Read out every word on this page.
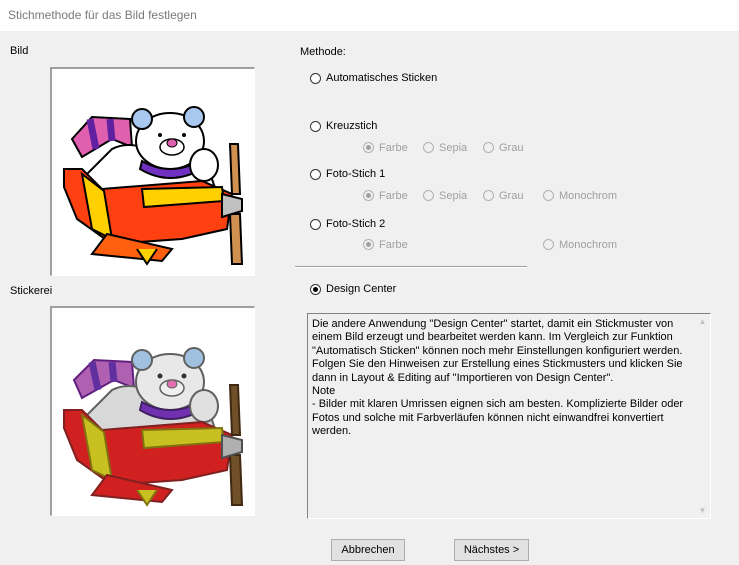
Stichmethode für das Bild festlegen
Bild
Stickerei
Methode:
Automatisches Sticken
Kreuzstich
Farbe	Sepia	Grau
Foto-Stich 1
Farbe	Sepia	Grau	Monochrom
Foto-Stich 2
Farbe	Monochrom
Design Center
Die andere Anwendung "Design Center" startet, damit ein Stickmuster von einem Bild erzeugt und bearbeitet werden kann. Im Vergleich zur Funktion "Automatisch Sticken" können noch mehr Einstellungen konfiguriert werden. Folgen Sie den Hinweisen zur Erstellung eines Stickmusters und klicken Sie dann in Layout & Editing auf "Importieren von Design Center".
Note
- Bilder mit klaren Umrissen eignen sich am besten. Komplizierte Bilder oder Fotos und solche mit Farbverläufen können nicht einwandfrei konvertiert werden.
▲
▼
Abbrechen	Nächstes >
